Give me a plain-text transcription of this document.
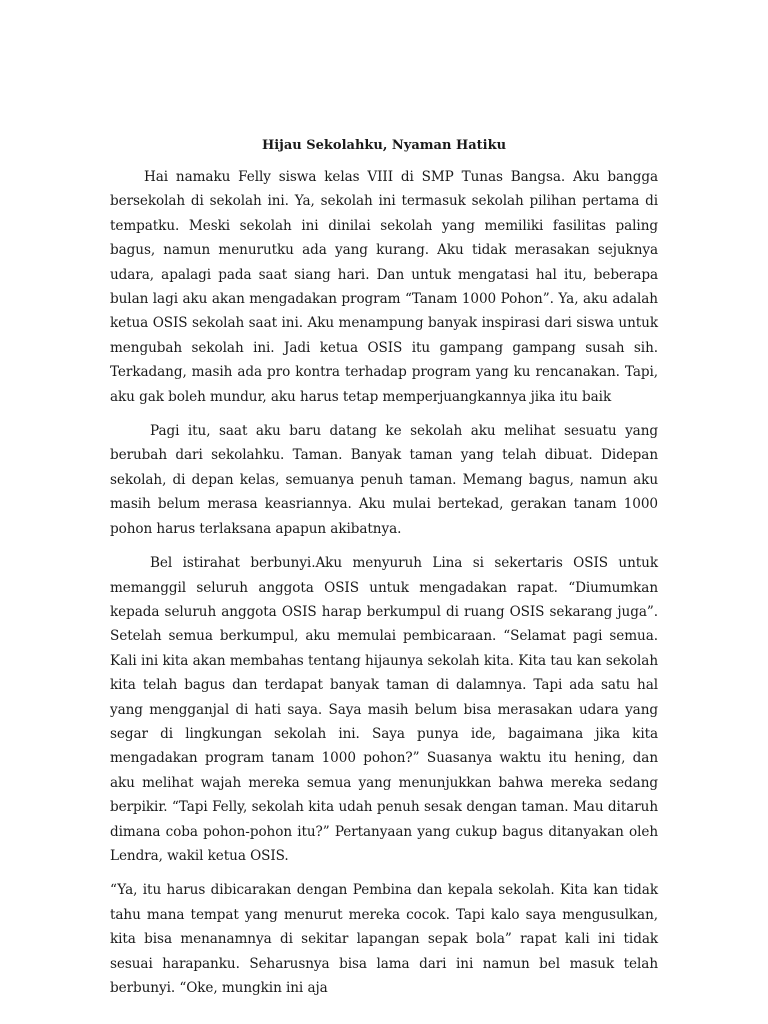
Hijau Sekolahku, Nyaman Hatiku

Hai namaku Felly siswa kelas VIII di SMP Tunas Bangsa. Aku bangga bersekolah di sekolah ini. Ya, sekolah ini termasuk sekolah pilihan pertama di tempatku. Meski sekolah ini dinilai sekolah yang memiliki fasilitas paling bagus, namun menurutku ada yang kurang. Aku tidak merasakan sejuknya udara, apalagi pada saat siang hari. Dan untuk mengatasi hal itu, beberapa bulan lagi aku akan mengadakan program “Tanam 1000 Pohon”. Ya, aku adalah ketua OSIS sekolah saat ini. Aku menampung banyak inspirasi dari siswa untuk mengubah sekolah ini. Jadi ketua OSIS itu gampang gampang susah sih. Terkadang, masih ada pro kontra terhadap program yang ku rencanakan. Tapi, aku gak boleh mundur, aku harus tetap memperjuangkannya jika itu baik

Pagi itu, saat aku baru datang ke sekolah aku melihat sesuatu yang berubah dari sekolahku. Taman. Banyak taman yang telah dibuat. Didepan sekolah, di depan kelas, semuanya penuh taman. Memang bagus, namun aku masih belum merasa keasriannya. Aku mulai bertekad, gerakan tanam 1000 pohon harus terlaksana apapun akibatnya.

Bel istirahat berbunyi.Aku menyuruh Lina si sekertaris OSIS untuk memanggil seluruh anggota OSIS untuk mengadakan rapat. “Diumumkan kepada seluruh anggota OSIS harap berkumpul di ruang OSIS sekarang juga”. Setelah semua berkumpul, aku memulai pembicaraan. “Selamat pagi semua. Kali ini kita akan membahas tentang hijaunya sekolah kita. Kita tau kan sekolah kita telah bagus dan terdapat banyak taman di dalamnya. Tapi ada satu hal yang mengganjal di hati saya. Saya masih belum bisa merasakan udara yang segar di lingkungan sekolah ini. Saya punya ide, bagaimana jika kita mengadakan program tanam 1000 pohon?” Suasanya waktu itu hening, dan aku melihat wajah mereka semua yang menunjukkan bahwa mereka sedang berpikir. “Tapi Felly, sekolah kita udah penuh sesak dengan taman. Mau ditaruh dimana coba pohon-pohon itu?” Pertanyaan yang cukup bagus ditanyakan oleh Lendra, wakil ketua OSIS.

“Ya, itu harus dibicarakan dengan Pembina dan kepala sekolah. Kita kan tidak tahu mana tempat yang menurut mereka cocok. Tapi kalo saya mengusulkan, kita bisa menanamnya di sekitar lapangan sepak bola” rapat kali ini tidak sesuai harapanku. Seharusnya bisa lama dari ini namun bel masuk telah berbunyi. “Oke, mungkin ini aja
